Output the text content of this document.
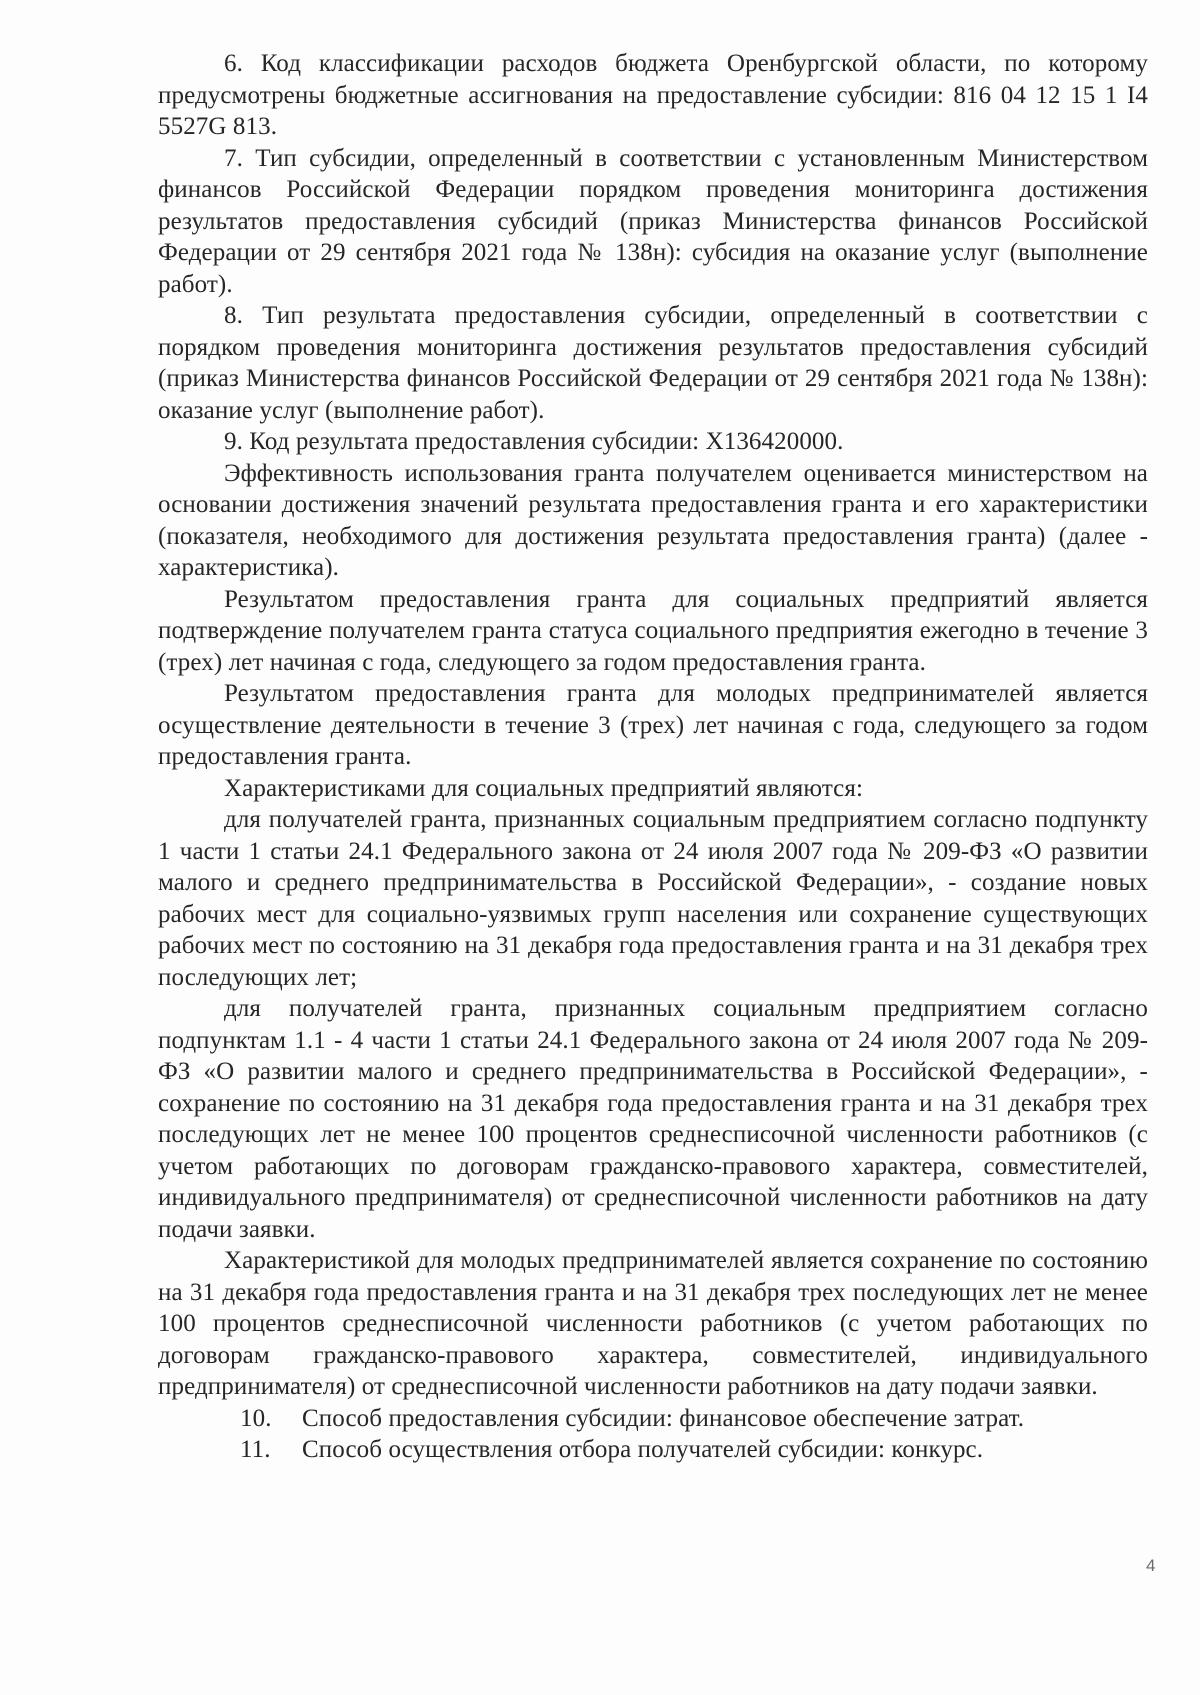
6. Код классификации расходов бюджета Оренбургской области, по которому предусмотрены бюджетные ассигнования на предоставление субсидии: 816 04 12 15 1 I4 5527G 813.

7. Тип субсидии, определенный в соответствии с установленным Министерством финансов Российской Федерации порядком проведения мониторинга достижения результатов предоставления субсидий (приказ Министерства финансов Российской Федерации от 29 сентября 2021 года № 138н): субсидия на оказание услуг (выполнение работ).

8. Тип результата предоставления субсидии, определенный в соответствии с порядком проведения мониторинга достижения результатов предоставления субсидий (приказ Министерства финансов Российской Федерации от 29 сентября 2021 года № 138н): оказание услуг (выполнение работ).

9. Код результата предоставления субсидии: Х136420000.

Эффективность использования гранта получателем оценивается министерством на основании достижения значений результата предоставления гранта и его характеристики (показателя, необходимого для достижения результата предоставления гранта) (далее - характеристика).

Результатом предоставления гранта для социальных предприятий является подтверждение получателем гранта статуса социального предприятия ежегодно в течение 3 (трех) лет начиная с года, следующего за годом предоставления гранта.

Результатом предоставления гранта для молодых предпринимателей является осуществление деятельности в течение 3 (трех) лет начиная с года, следующего за годом предоставления гранта.

Характеристиками для социальных предприятий являются:

для получателей гранта, признанных социальным предприятием согласно подпункту 1 части 1 статьи 24.1 Федерального закона от 24 июля 2007 года № 209-ФЗ «О развитии малого и среднего предпринимательства в Российской Федерации», - создание новых рабочих мест для социально-уязвимых групп населения или сохранение существующих рабочих мест по состоянию на 31 декабря года предоставления гранта и на 31 декабря трех последующих лет;

для получателей гранта, признанных социальным предприятием согласно подпунктам 1.1 - 4 части 1 статьи 24.1 Федерального закона от 24 июля 2007 года № 209-ФЗ «О развитии малого и среднего предпринимательства в Российской Федерации», - сохранение по состоянию на 31 декабря года предоставления гранта и на 31 декабря трех последующих лет не менее 100 процентов среднесписочной численности работников (с учетом работающих по договорам гражданско-правового характера, совместителей, индивидуального предпринимателя) от среднесписочной численности работников на дату подачи заявки.

Характеристикой для молодых предпринимателей является сохранение по состоянию на 31 декабря года предоставления гранта и на 31 декабря трех последующих лет не менее 100 процентов среднесписочной численности работников (с учетом работающих по договорам гражданско-правового характера, совместителей, индивидуального предпринимателя) от среднесписочной численности работников на дату подачи заявки.

10. Способ предоставления субсидии: финансовое обеспечение затрат.

11. Способ осуществления отбора получателей субсидии: конкурс.

4
